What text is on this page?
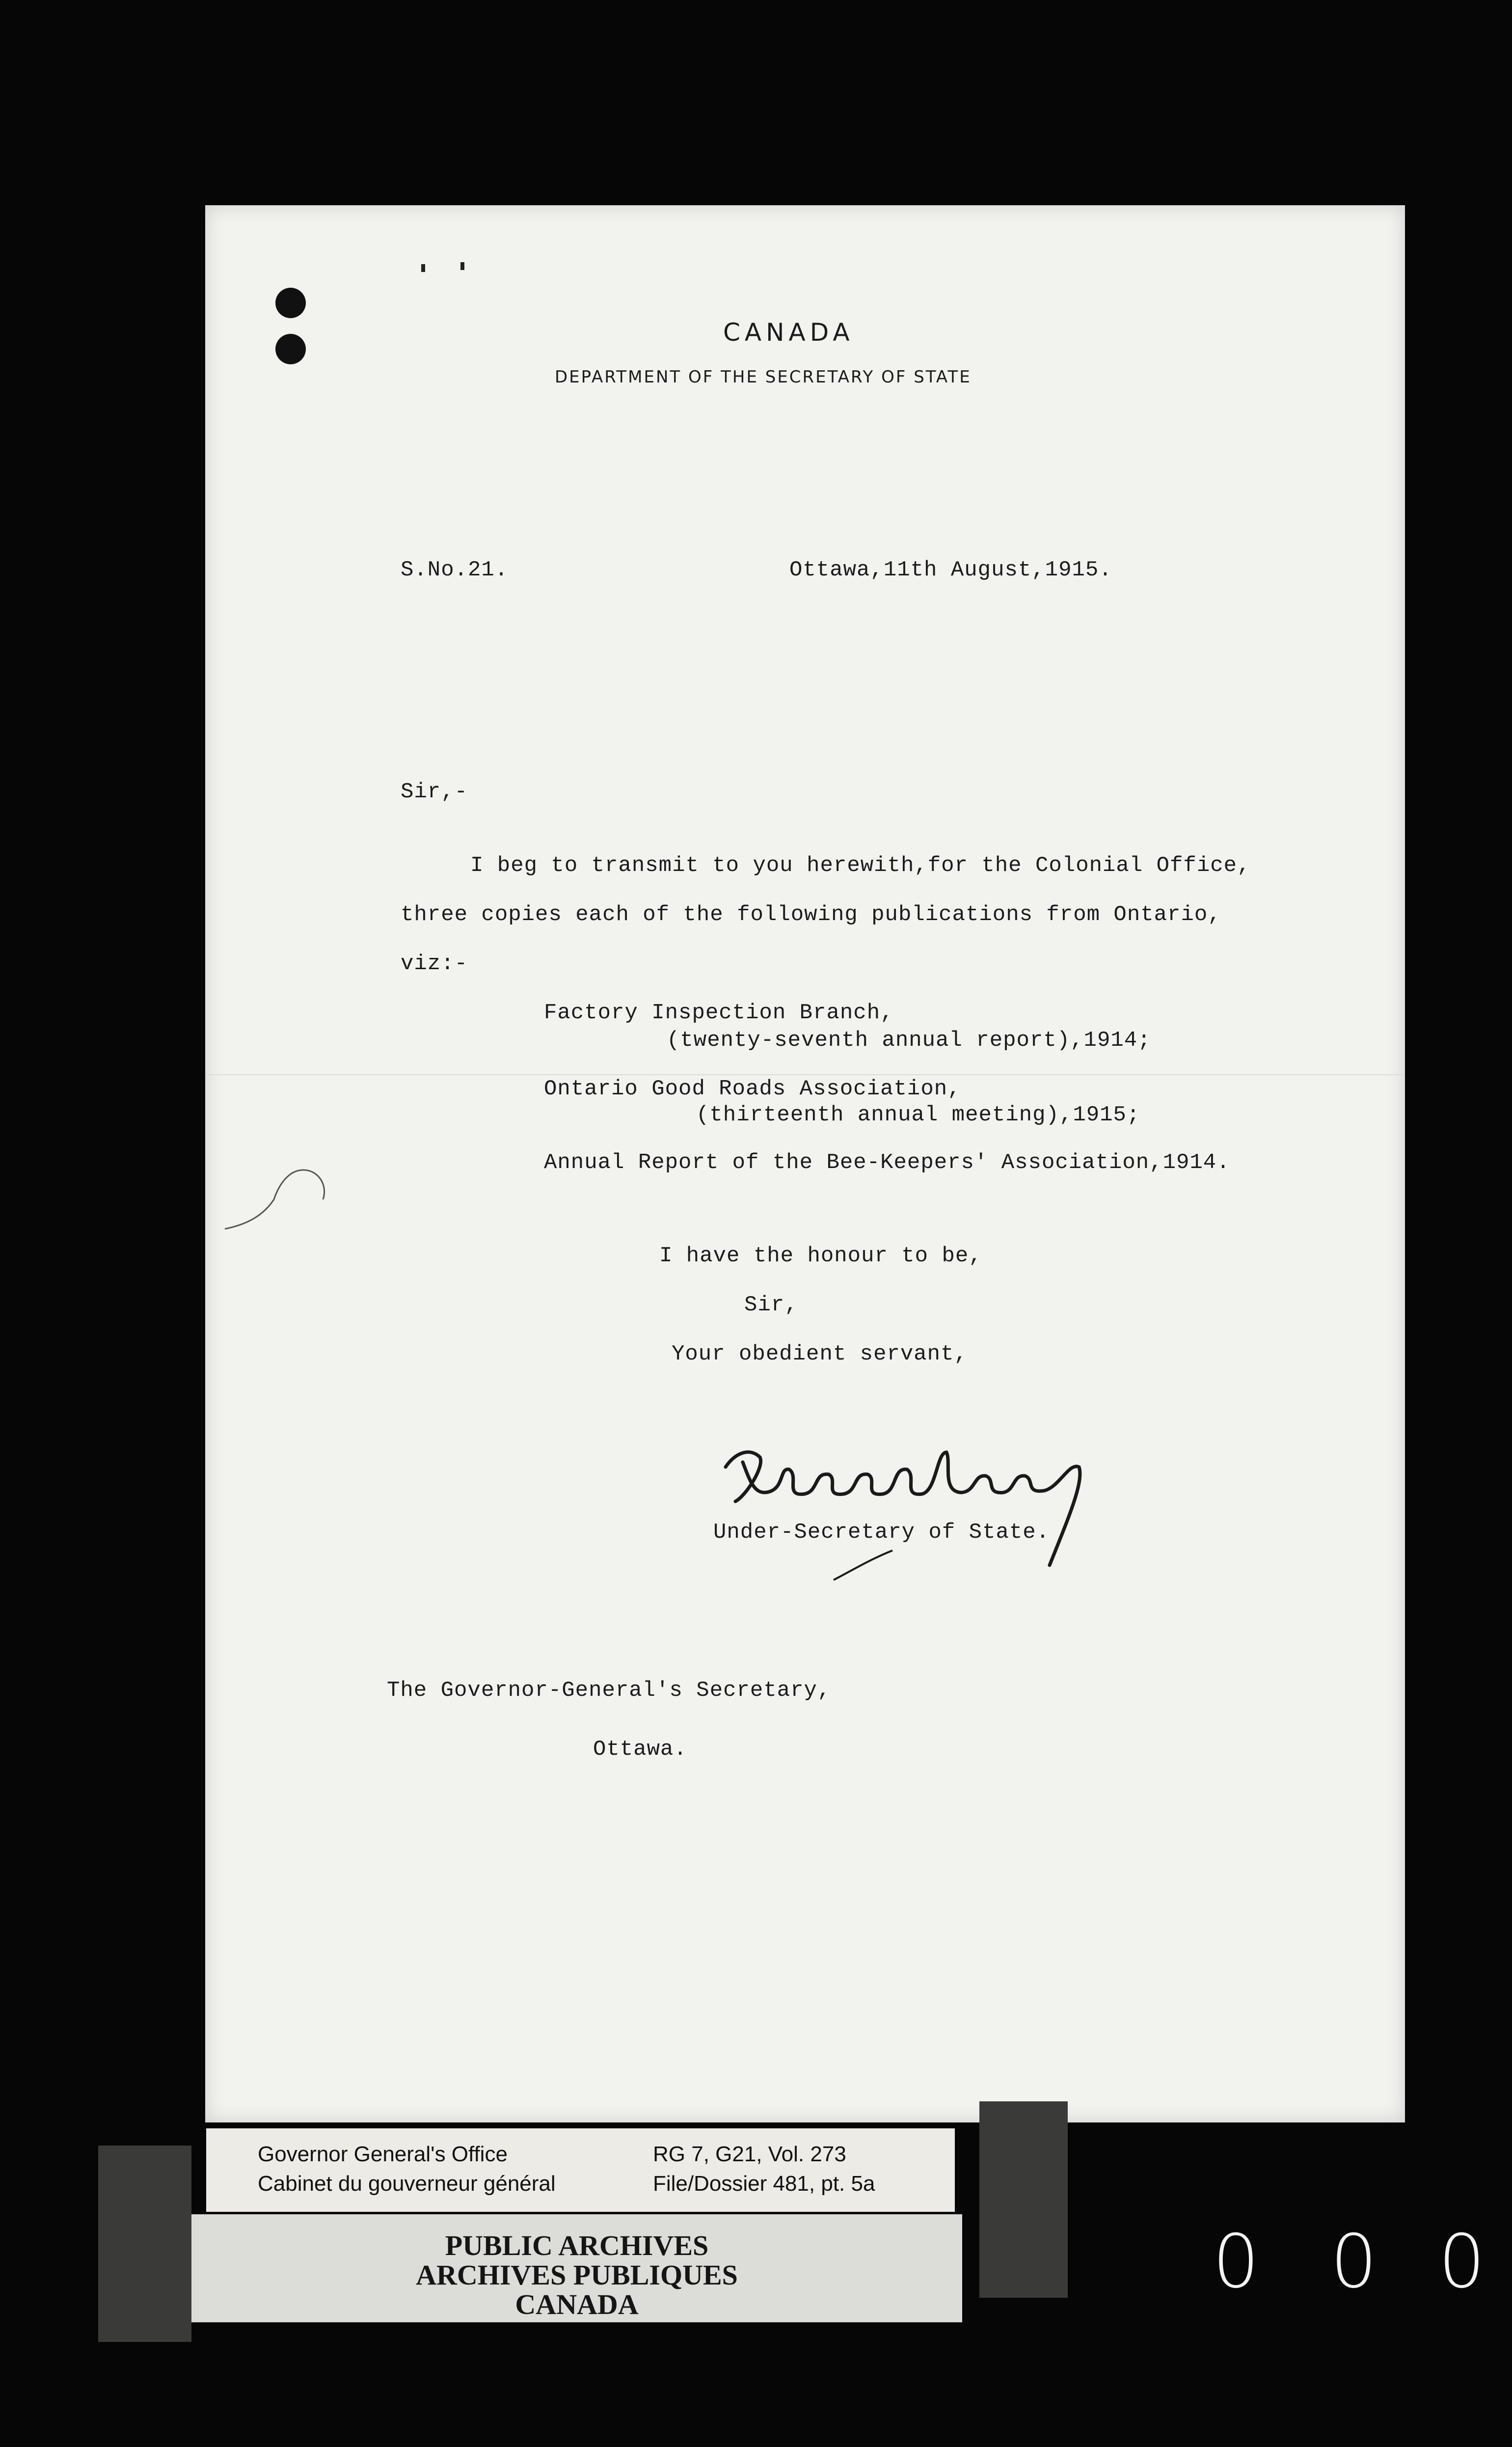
CANADA
DEPARTMENT OF THE SECRETARY OF STATE
S.No.21.	Ottawa,11th August,1915.
Sir,-
I beg to transmit to you herewith,for the Colonial Office,
three copies each of the following publications from Ontario,
viz:-
Factory Inspection Branch,
(twenty-seventh annual report),1914;
Ontario Good Roads Association,
(thirteenth annual meeting),1915;
Annual Report of the Bee-Keepers' Association,1914.
I have the honour to be,
Sir,
Your obedient servant,
Under-Secretary of State.
The Governor-General's Secretary,
Ottawa.
Governor General's Office
Cabinet du gouverneur général
RG 7, G21, Vol. 273
File/Dossier 481, pt. 5a
PUBLIC ARCHIVES
ARCHIVES PUBLIQUES
CANADA	0 0 0
